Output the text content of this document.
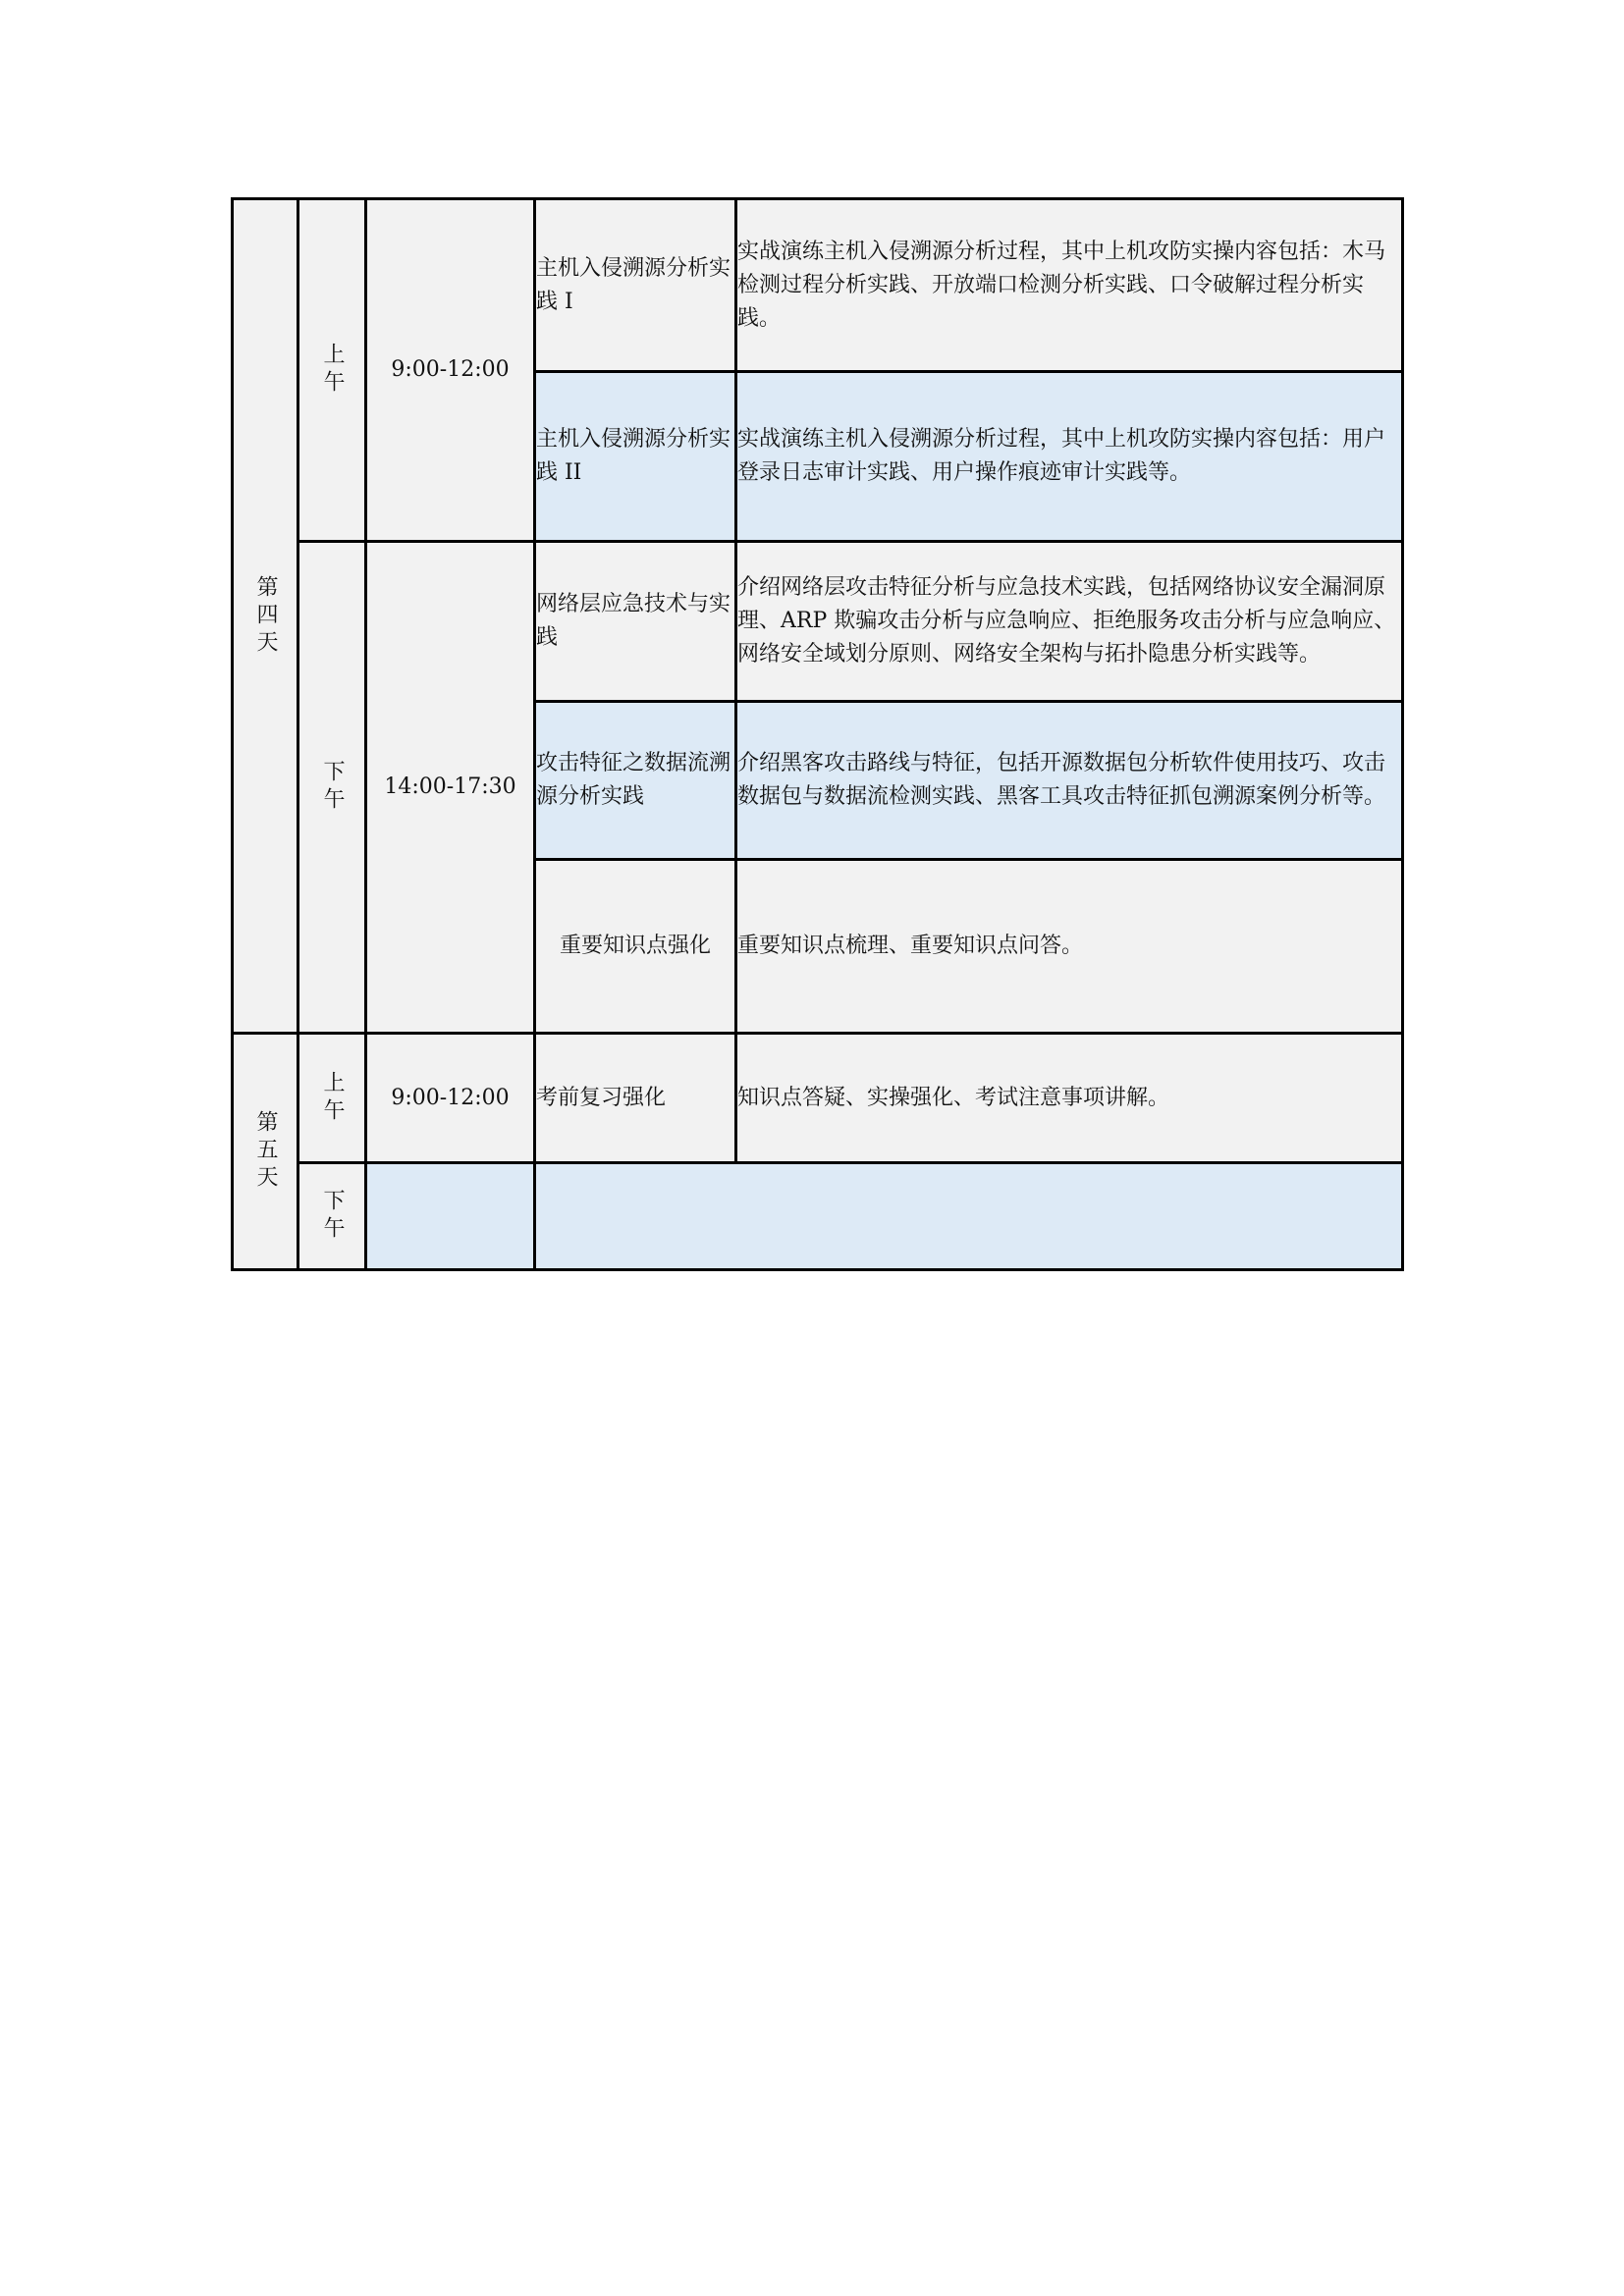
第四天	上午	9:00-12:00	主机入侵溯源分析实践 I	实战演练主机入侵溯源分析过程，其中上机攻防实操内容包括：木马检测过程分析实践、开放端口检测分析实践、口令破解过程分析实践。
			主机入侵溯源分析实践 II	实战演练主机入侵溯源分析过程，其中上机攻防实操内容包括：用户登录日志审计实践、用户操作痕迹审计实践等。

	下午	14:00-17:30	网络层应急技术与实践	介绍网络层攻击特征分析与应急技术实践，包括网络协议安全漏洞原理、ARP 欺骗攻击分析与应急响应、拒绝服务攻击分析与应急响应、网络安全域划分原则、网络安全架构与拓扑隐患分析实践等。
			攻击特征之数据流溯源分析实践	介绍黑客攻击路线与特征，包括开源数据包分析软件使用技巧、攻击数据包与数据流检测实践、黑客工具攻击特征抓包溯源案例分析等。
			重要知识点强化	重要知识点梳理、重要知识点问答。

第五天	上午	9:00-12:00	考前复习强化	知识点答疑、实操强化、考试注意事项讲解。

	下午			
